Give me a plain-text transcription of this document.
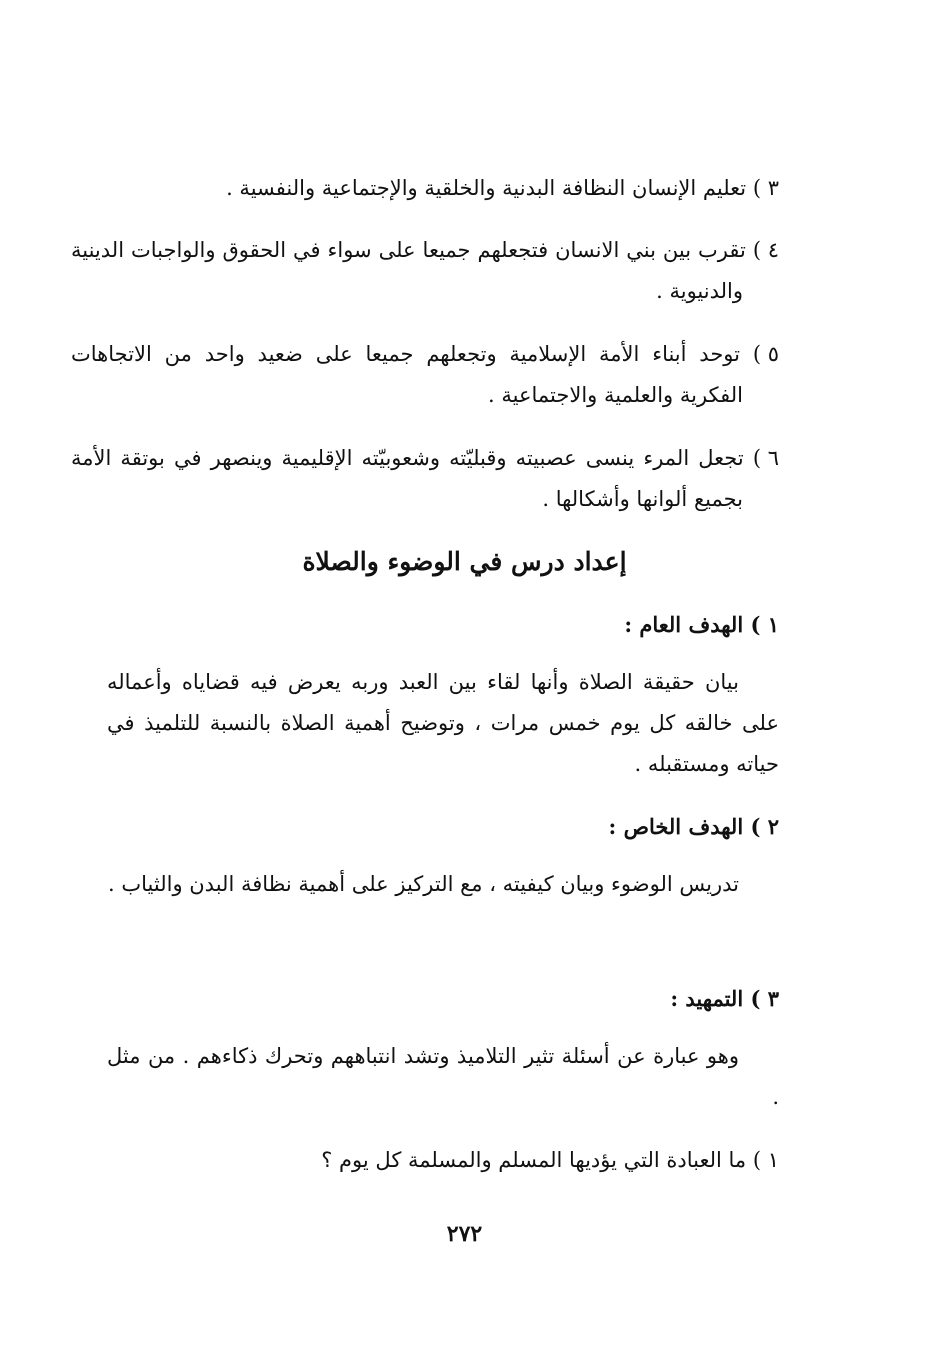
٣ ) تعليم الإنسان النظافة البدنية والخلقية والإجتماعية والنفسية .
٤ ) تقرب بين بني الانسان فتجعلهم جميعا على سواء في الحقوق والواجبات الدينية والدنيوية .
٥ ) توحد أبناء الأمة الإسلامية وتجعلهم جميعا على ضعيد واحد من الاتجاهات الفكرية والعلمية والاجتماعية .
٦ ) تجعل المرء ينسى عصبيته وقبليّته وشعوبيّته الإقليمية وينصهر في بوتقة الأمة بجميع ألوانها وأشكالها .
إعداد درس في الوضوء والصلاة
١ ) الهدف العام :
بيان حقيقة الصلاة وأنها لقاء بين العبد وربه يعرض فيه قضاياه وأعماله على خالقه كل يوم خمس مرات ، وتوضيح أهمية الصلاة بالنسبة للتلميذ في حياته ومستقبله .
٢ ) الهدف الخاص :
تدريس الوضوء وبيان كيفيته ، مع التركيز على أهمية نظافة البدن والثياب .
٣ ) التمهيد :
وهو عبارة عن أسئلة تثير التلاميذ وتشد انتباههم وتحرك ذكاءهم . من مثل .
١ ) ما العبادة التي يؤديها المسلم والمسلمة كل يوم ؟
٢٧٢
